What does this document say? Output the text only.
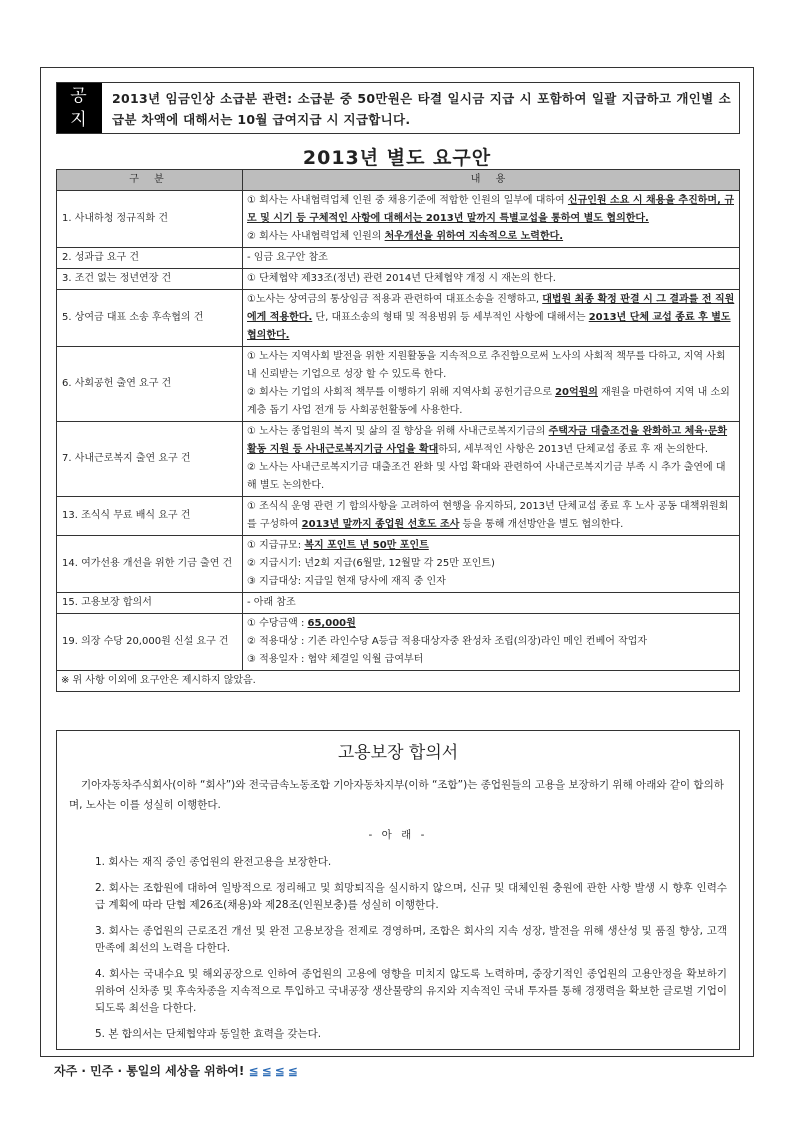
공
지
2013년 임금인상 소급분 관련: 소급분 중 50만원은 타결 일시금 지급 시 포함하여 일괄 지급하고 개인별 소급분 차액에 대해서는 10월 급여지급 시 지급합니다.
2013년 별도 요구안
구 분	내 용
1. 사내하청 정규직화 건	① 회사는 사내협력업체 인원 중 채용기준에 적합한 인원의 일부에 대하여 신규인원 소요 시 채용을 추진하며, 규모 및 시기 등 구체적인 사항에 대해서는 2013년 말까지 특별교섭을 통하여 별도 협의한다.
② 회사는 사내협력업체 인원의 처우개선을 위하여 지속적으로 노력한다.
2. 성과급 요구 건	- 임금 요구안 참조
3. 조건 없는 정년연장 건	① 단체협약 제33조(정년) 관련 2014년 단체협약 개정 시 재논의 한다.
5. 상여금 대표 소송 후속협의 건	①노사는 상여금의 통상임금 적용과 관련하여 대표소송을 진행하고, 대법원 최종 확정 판결 시 그 결과를 전 직원에게 적용한다. 단, 대표소송의 형태 및 적용범위 등 세부적인 사항에 대해서는 2013년 단체 교섭 종료 후 별도 협의한다.
6. 사회공헌 출연 요구 건	① 노사는 지역사회 발전을 위한 지원활동을 지속적으로 추진함으로써 노사의 사회적 책무를 다하고, 지역 사회 내 신뢰받는 기업으로 성장 할 수 있도록 한다.
② 회사는 기업의 사회적 책무를 이행하기 위해 지역사회 공헌기금으로 20억원의 재원을 마련하여 지역 내 소외계층 돕기 사업 전개 등 사회공헌활동에 사용한다.
7. 사내근로복지 출연 요구 건	① 노사는 종업원의 복지 및 삶의 질 향상을 위해 사내근로복지기금의 주택자금 대출조건을 완화하고 체육·문화 활동 지원 등 사내근로복지기금 사업을 확대하되, 세부적인 사항은 2013년 단체교섭 종료 후 재 논의한다.
② 노사는 사내근로복지기금 대출조건 완화 및 사업 확대와 관련하여 사내근로복지기금 부족 시 추가 출연에 대해 별도 논의한다.
13. 조식식 무료 배식 요구 건	① 조식식 운영 관련 기 합의사항을 고려하여 현행을 유지하되, 2013년 단체교섭 종료 후 노사 공동 대책위원회를 구성하여 2013년 말까지 종업원 선호도 조사 등을 통해 개선방안을 별도 협의한다.
14. 여가선용 개선을 위한 기금 출연 건	① 지급규모: 복지 포인트 년 50만 포인트
② 지급시기: 년2회 지급(6월말, 12월말 각 25만 포인트)
③ 지급대상: 지급일 현재 당사에 재직 중 인자
15. 고용보장 합의서	- 아래 참조
19. 의장 수당 20,000원 신설 요구 건	① 수당금액 : 65,000원
② 적용대상 : 기존 라인수당 A등급 적용대상자중 완성차 조립(의장)라인 메인 컨베어 작업자
③ 적용일자 : 협약 체결일 익월 급여부터
※ 위 사항 이외에 요구안은 제시하지 않았음.	
고용보장 합의서
기아자동차주식회사(이하 “회사”)와 전국금속노동조합 기아자동차지부(이하 “조합”)는 종업원들의 고용을 보장하기 위해 아래와 같이 합의하며, 노사는 이를 성실히 이행한다.
- 아 래 -
1. 회사는 재직 중인 종업원의 완전고용을 보장한다.
2. 회사는 조합원에 대하여 일방적으로 정리해고 및 희망퇴직을 실시하지 않으며, 신규 및 대체인원 충원에 관한 사항 발생 시 향후 인력수급 계획에 따라 단협 제26조(채용)와 제28조(인원보충)를 성실히 이행한다.
3. 회사는 종업원의 근로조건 개선 및 완전 고용보장을 전제로 경영하며, 조합은 회사의 지속 성장, 발전을 위해 생산성 및 품질 향상, 고객만족에 최선의 노력을 다한다.
4. 회사는 국내수요 및 해외공장으로 인하여 종업원의 고용에 영향을 미치지 않도록 노력하며, 중장기적인 종업원의 고용안정을 확보하기 위하여 신차종 및 후속차종을 지속적으로 투입하고 국내공장 생산물량의 유지와 지속적인 국내 투자를 통해 경쟁력을 확보한 글로벌 기업이 되도록 최선을 다한다.
5. 본 합의서는 단체협약과 동일한 효력을 갖는다.
자주 · 민주 · 통일의 세상을 위하여! ≦≦≦≦
